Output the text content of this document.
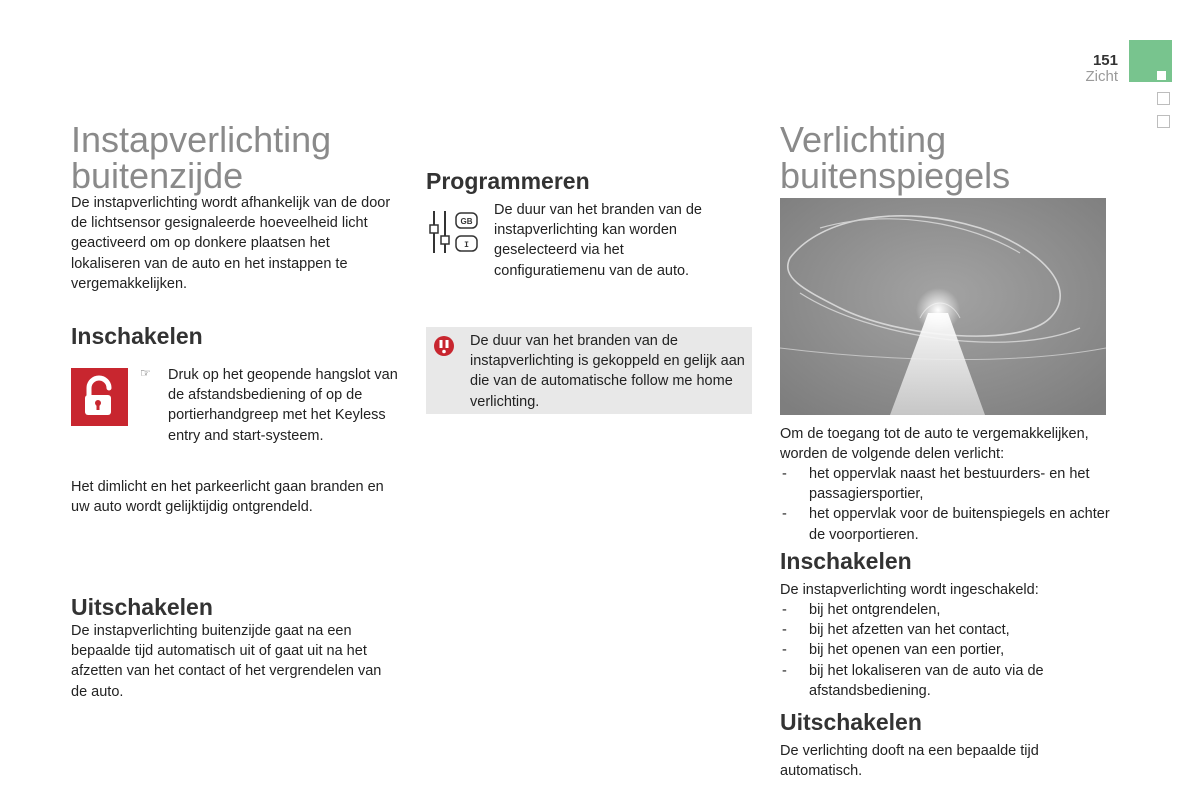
151
Zicht
Instapverlichting
buitenzijde

De instapverlichting wordt afhankelijk van de door de lichtsensor gesignaleerde hoeveelheid licht geactiveerd om op donkere plaatsen het lokaliseren van de auto en het instappen te vergemakkelijken.

Inschakelen
☞ Druk op het geopende hangslot van de afstandsbediening of op de portierhandgreep met het Keyless entry and start-systeem.

Het dimlicht en het parkeerlicht gaan branden en uw auto wordt gelijktijdig ontgrendeld.

Uitschakelen

De instapverlichting buitenzijde gaat na een bepaalde tijd automatisch uit of gaat uit na het afzetten van het contact of het vergrendelen van de auto.

Programmeren
GB
I

De duur van het branden van de instapverlichting kan worden geselecteerd via het configuratiemenu van de auto.

De duur van het branden van de instapverlichting is gekoppeld en gelijk aan die van de automatische follow me home verlichting.

Verlichting
buitenspiegels

Om de toegang tot de auto te vergemakkelijken, worden de volgende delen verlicht:

- het oppervlak naast het bestuurders- en het passagiersportier,
- het oppervlak voor de buitenspiegels en achter de voorportieren.
Inschakelen

De instapverlichting wordt ingeschakeld:

- bij het ontgrendelen,
- bij het afzetten van het contact,
- bij het openen van een portier,
- bij het lokaliseren van de auto via de afstandsbediening.
Uitschakelen

De verlichting dooft na een bepaalde tijd automatisch.
